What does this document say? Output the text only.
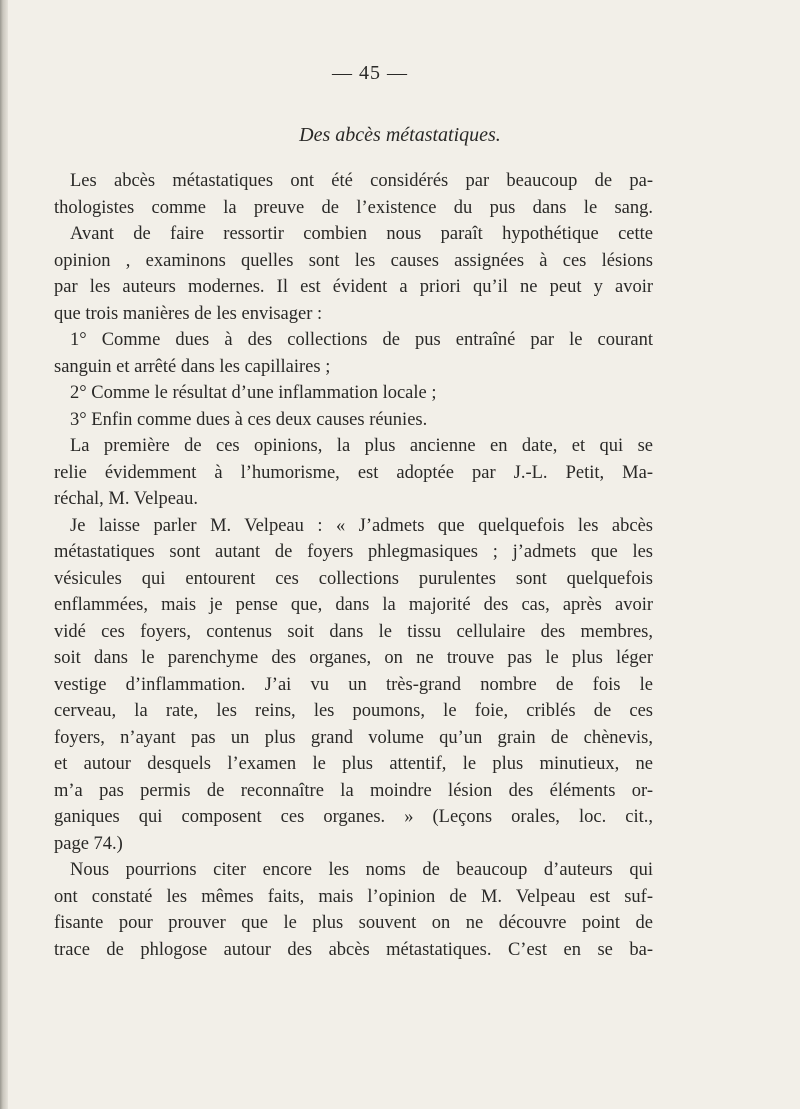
— 45 —
Des abcès métastatiques.
Les abcès métastatiques ont été considérés par beaucoup de pa-
thologistes comme la preuve de l’existence du pus dans le sang.
Avant de faire ressortir combien nous paraît hypothétique cette
opinion , examinons quelles sont les causes assignées à ces lésions
par les auteurs modernes. Il est évident a priori qu’il ne peut y avoir
que trois manières de les envisager :
1° Comme dues à des collections de pus entraîné par le courant
sanguin et arrêté dans les capillaires ;
2° Comme le résultat d’une inflammation locale ;
3° Enfin comme dues à ces deux causes réunies.
La première de ces opinions, la plus ancienne en date, et qui se
relie évidemment à l’humorisme, est adoptée par J.-L. Petit, Ma-
réchal, M. Velpeau.
Je laisse parler M. Velpeau : « J’admets que quelquefois les abcès
métastatiques sont autant de foyers phlegmasiques ; j’admets que les
vésicules qui entourent ces collections purulentes sont quelquefois
enflammées, mais je pense que, dans la majorité des cas, après avoir
vidé ces foyers, contenus soit dans le tissu cellulaire des membres,
soit dans le parenchyme des organes, on ne trouve pas le plus léger
vestige d’inflammation. J’ai vu un très-grand nombre de fois le
cerveau, la rate, les reins, les poumons, le foie, criblés de ces
foyers, n’ayant pas un plus grand volume qu’un grain de chènevis,
et autour desquels l’examen le plus attentif, le plus minutieux, ne
m’a pas permis de reconnaître la moindre lésion des éléments or-
ganiques qui composent ces organes. » (Leçons orales, loc. cit.,
page 74.)
Nous pourrions citer encore les noms de beaucoup d’auteurs qui
ont constaté les mêmes faits, mais l’opinion de M. Velpeau est suf-
fisante pour prouver que le plus souvent on ne découvre point de
trace de phlogose autour des abcès métastatiques. C’est en se ba-
